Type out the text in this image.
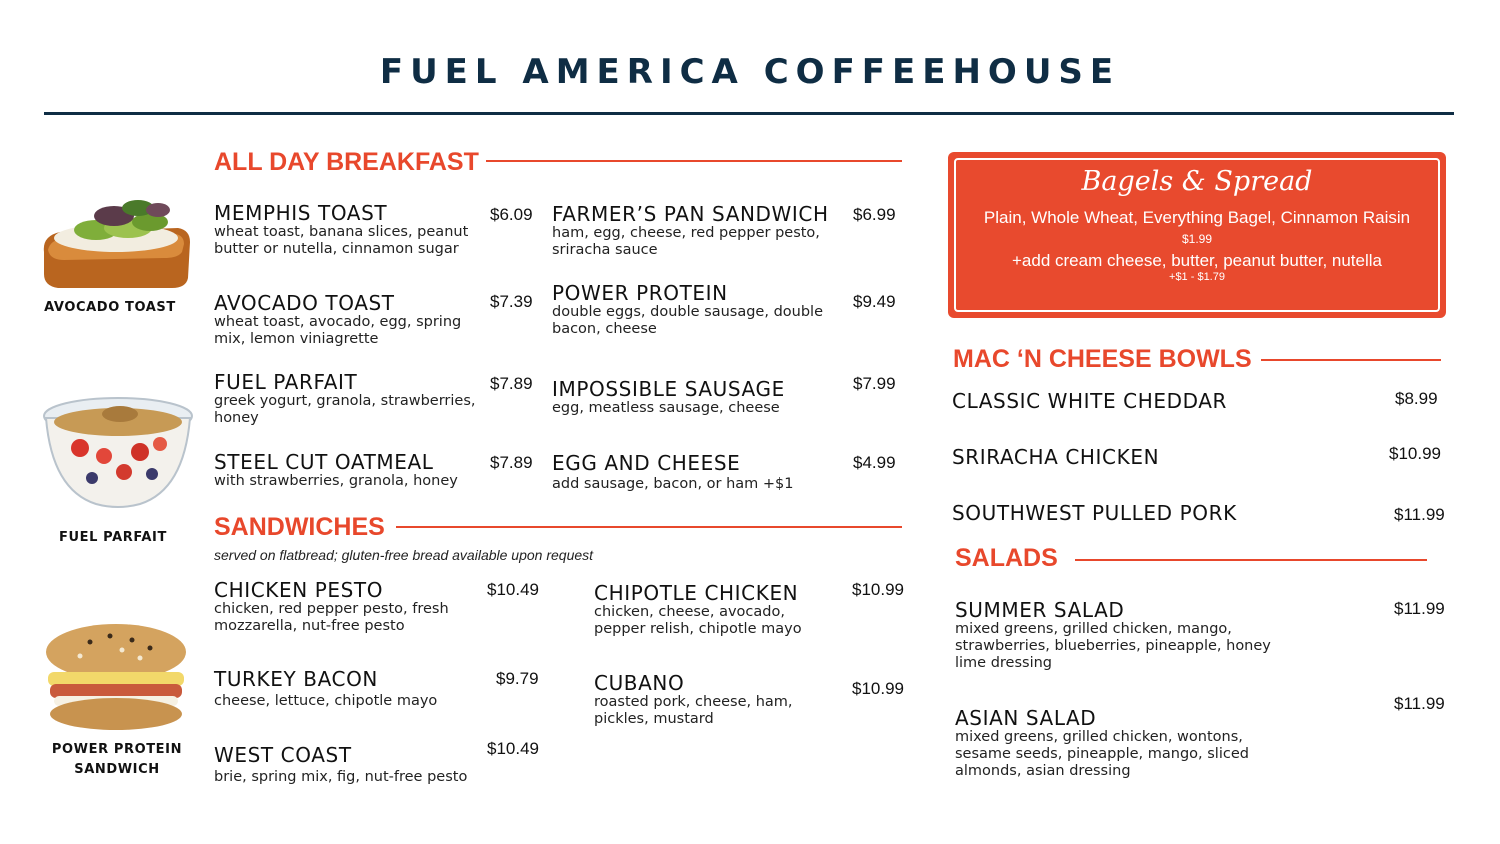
FUEL AMERICA COFFEEHOUSE
AVOCADO TOAST
FUEL PARFAIT
POWER PROTEIN
SANDWICH
ALL DAY BREAKFAST
MEMPHIS TOAST
wheat toast, banana slices, peanut butter or nutella, cinnamon sugar
$6.09
AVOCADO TOAST
wheat toast, avocado, egg, spring mix, lemon viniagrette
$7.39
FUEL PARFAIT
greek yogurt, granola, strawberries, honey
$7.89
STEEL CUT OATMEAL
with strawberries, granola, honey
$7.89
FARMER’S PAN SANDWICH
ham, egg, cheese, red pepper pesto, sriracha sauce
$6.99
POWER PROTEIN
double eggs, double sausage, double bacon, cheese
$9.49
IMPOSSIBLE SAUSAGE
egg, meatless sausage, cheese
$7.99
EGG AND CHEESE
add sausage, bacon, or ham +$1
$4.99
SANDWICHES
served on flatbread; gluten-free bread available upon request
CHICKEN PESTO
chicken, red pepper pesto, fresh mozzarella, nut-free pesto
$10.49
TURKEY BACON
cheese, lettuce, chipotle mayo
$9.79
WEST COAST
brie, spring mix, fig, nut-free pesto
$10.49
CHIPOTLE CHICKEN
chicken, cheese, avocado, pepper relish, chipotle mayo
$10.99
CUBANO
roasted pork, cheese, ham, pickles, mustard
$10.99
Bagels & Spread
Plain, Whole Wheat, Everything Bagel, Cinnamon Raisin
$1.99
+add cream cheese, butter, peanut butter, nutella
+$1 - $1.79
MAC ‘N CHEESE BOWLS
CLASSIC WHITE CHEDDAR	$8.99
SRIRACHA CHICKEN	$10.99
SOUTHWEST PULLED PORK	$11.99
SALADS
SUMMER SALAD
mixed greens, grilled chicken, mango, strawberries, blueberries, pineapple, honey lime dressing
$11.99
ASIAN SALAD
mixed greens, grilled chicken, wontons, sesame seeds, pineapple, mango, sliced almonds, asian dressing
$11.99
